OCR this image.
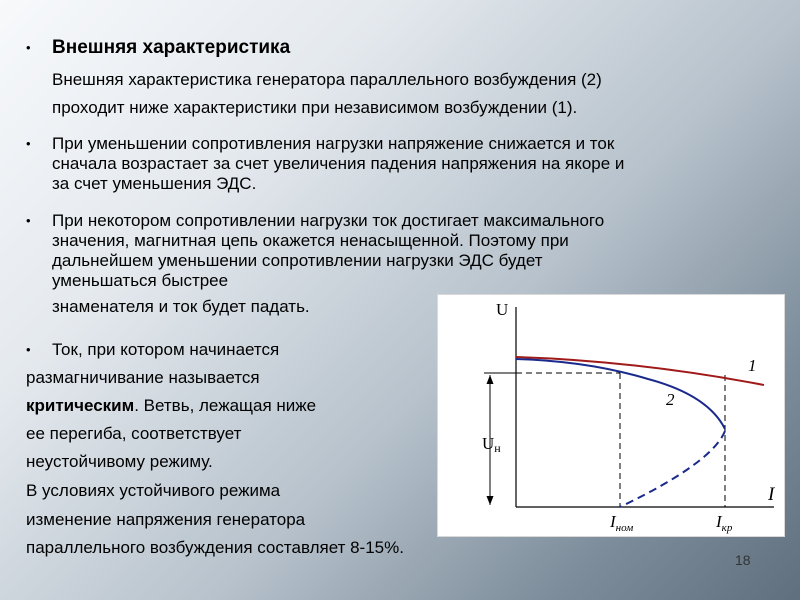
• Внешняя характеристика

Внешняя характеристика генератора параллельного возбуждения (2)

проходит ниже характеристики при независимом возбуждении (1).

• При уменьшении сопротивления нагрузки напряжение снижается и ток

сначала возрастает за счет увеличения падения напряжения на якоре и

за счет уменьшения ЭДС.

• При некотором сопротивлении нагрузки ток достигает максимального

значения, магнитная цепь окажется ненасыщенной. Поэтому при

дальнейшем уменьшении сопротивлении нагрузки ЭДС будет

уменьшаться быстрее

знаменателя и ток будет падать.

• Ток, при котором начинается

размагничивание называется

критическим. Ветвь, лежащая ниже

ее перегиба, соответствует

неустойчивому режиму.

В условиях устойчивого режима

изменение напряжения генератора

U
I
Uн
1
2
$I_{ном}$	$I_{кр}$

параллельного возбуждения составляет 8-15%.

18
